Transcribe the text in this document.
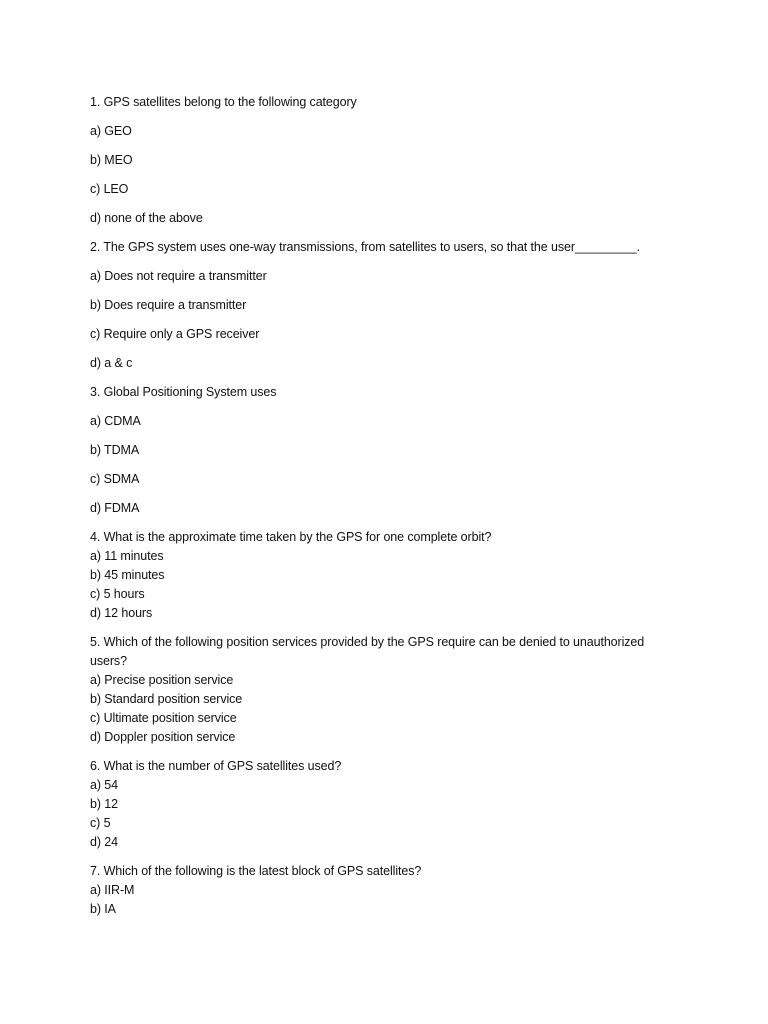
1. GPS satellites belong to the following category
a) GEO
b) MEO
c) LEO
d) none of the above
2. The GPS system uses one-way transmissions, from satellites to users, so that the user_________.
a) Does not require a transmitter
b) Does require a transmitter
c) Require only a GPS receiver
d) a & c
3. Global Positioning System uses
a) CDMA
b) TDMA
c) SDMA
d) FDMA
4. What is the approximate time taken by the GPS for one complete orbit?
a) 11 minutes
b) 45 minutes
c) 5 hours
d) 12 hours
5. Which of the following position services provided by the GPS require can be denied to unauthorized users?
a) Precise position service
b) Standard position service
c) Ultimate position service
d) Doppler position service
6. What is the number of GPS satellites used?
a) 54
b) 12
c) 5
d) 24
7. Which of the following is the latest block of GPS satellites?
a) IIR-M
b) IA
